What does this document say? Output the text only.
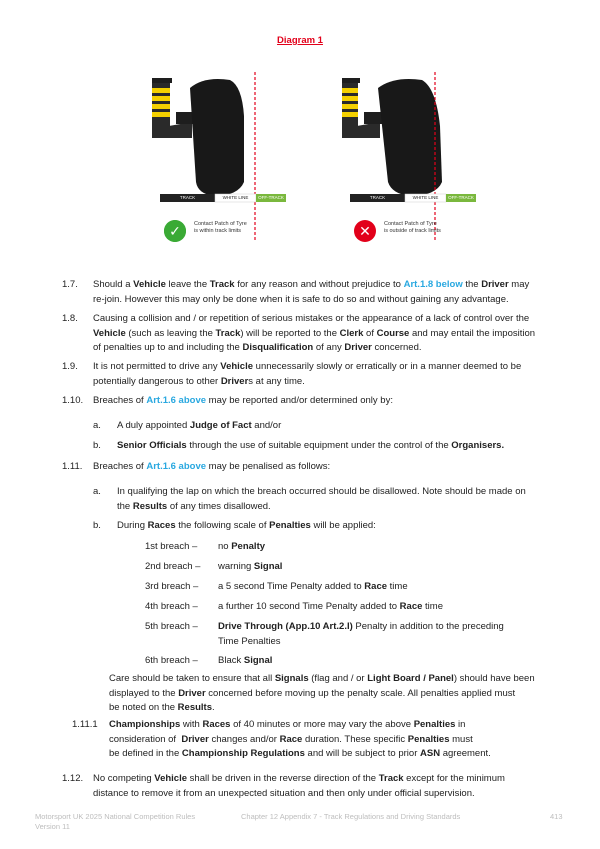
Diagram 1
TRACK	WHITE LINE	OFF-TRACK
✓	Contact Patch of Tyre
is within track limits
TRACK	WHITE LINE	OFF-TRACK
✕	Contact Patch of Tyre
is outside of track limits
1.7. Should a Vehicle leave the Track for any reason and without prejudice to Art.1.8 below the Driver may
re-join. However this may only be done when it is safe to do so and without gaining any advantage.
1.8. Causing a collision and / or repetition of serious mistakes or the appearance of a lack of control over the
Vehicle (such as leaving the Track) will be reported to the Clerk of Course and may entail the imposition
of penalties up to and including the Disqualification of any Driver concerned.
1.9. It is not permitted to drive any Vehicle unnecessarily slowly or erratically or in a manner deemed to be
potentially dangerous to other Drivers at any time.
1.10. Breaches of Art.1.6 above may be reported and/or determined only by:
a. A duly appointed Judge of Fact and/or
b. Senior Officials through the use of suitable equipment under the control of the Organisers.
1.11. Breaches of Art.1.6 above may be penalised as follows:
a. In qualifying the lap on which the breach occurred should be disallowed. Note should be made on
the Results of any times disallowed.
b. During Races the following scale of Penalties will be applied:
1st breach – no Penalty
2nd breach – warning Signal
3rd breach – a 5 second Time Penalty added to Race time
4th breach – a further 10 second Time Penalty added to Race time
5th breach – Drive Through (App.10 Art.2.I) Penalty in addition to the preceding
Time Penalties
6th breach – Black Signal
Care should be taken to ensure that all Signals (flag and / or Light Board / Panel) should have been
displayed to the Driver concerned before moving up the penalty scale. All penalties applied must
be noted on the Results.
1.11.1 Championships with Races of 40 minutes or more may vary the above Penalties in
consideration of  Driver changes and/or Race duration. These specific Penalties must
be defined in the Championship Regulations and will be subject to prior ASN agreement.
1.12. No competing Vehicle shall be driven in the reverse direction of the Track except for the minimum
distance to remove it from an unexpected situation and then only under official supervision.
Motorsport UK 2025 National Competition Rules
Version 11
Chapter 12 Appendix 7 - Track Regulations and Driving Standards	413
